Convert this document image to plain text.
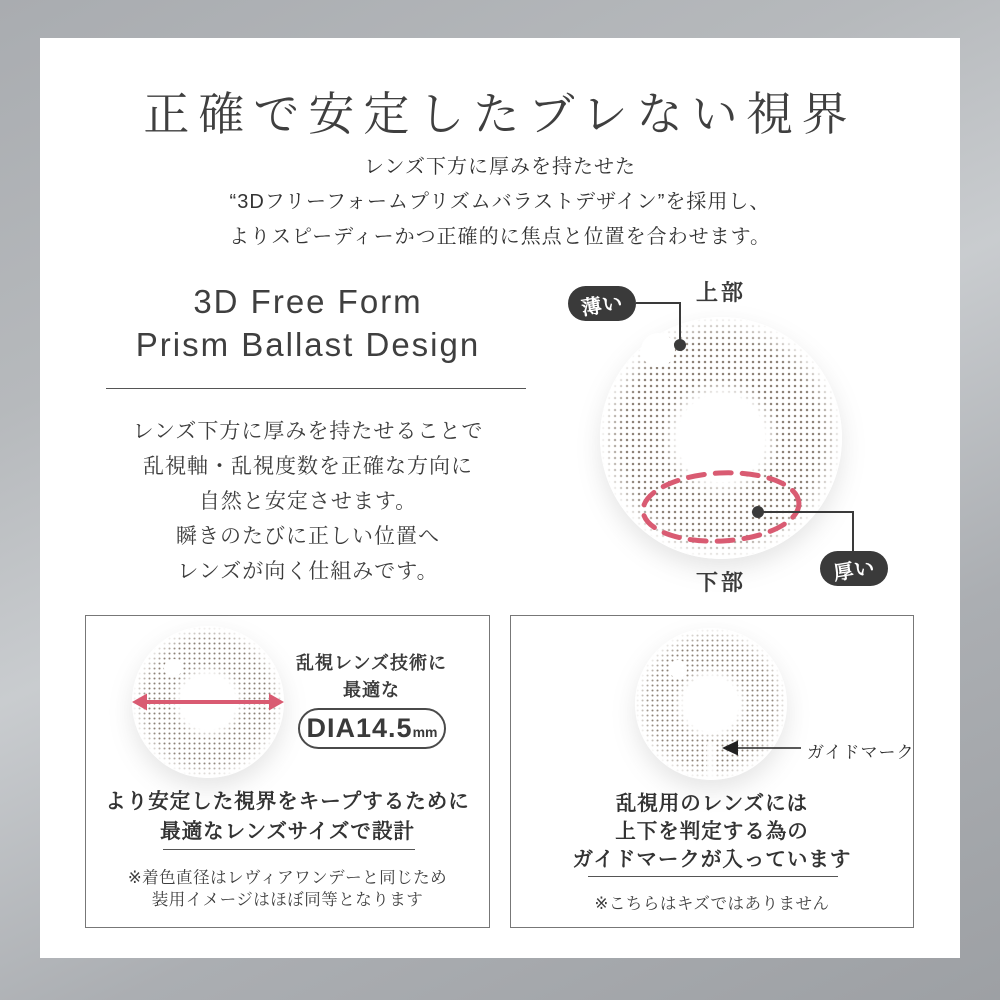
正確で安定したブレない視界
レンズ下方に厚みを持たせた
“3Dフリーフォームプリズムバラストデザイン”を採用し、
よりスピーディーかつ正確的に焦点と位置を合わせます。
3D Free Form
Prism Ballast Design
レンズ下方に厚みを持たせることで
乱視軸・乱視度数を正確な方向に
自然と安定させます。
瞬きのたびに正しい位置へ
レンズが向く仕組みです。
上部
薄い
厚い
下部
乱視レンズ技術に
最適な
DIA14.5 mm
より安定した視界をキープするために
最適なレンズサイズで設計
※着色直径はレヴィアワンデーと同じため
装用イメージはほぼ同等となります
ガイドマーク
乱視用のレンズには
上下を判定する為の
ガイドマークが入っています
※こちらはキズではありません
